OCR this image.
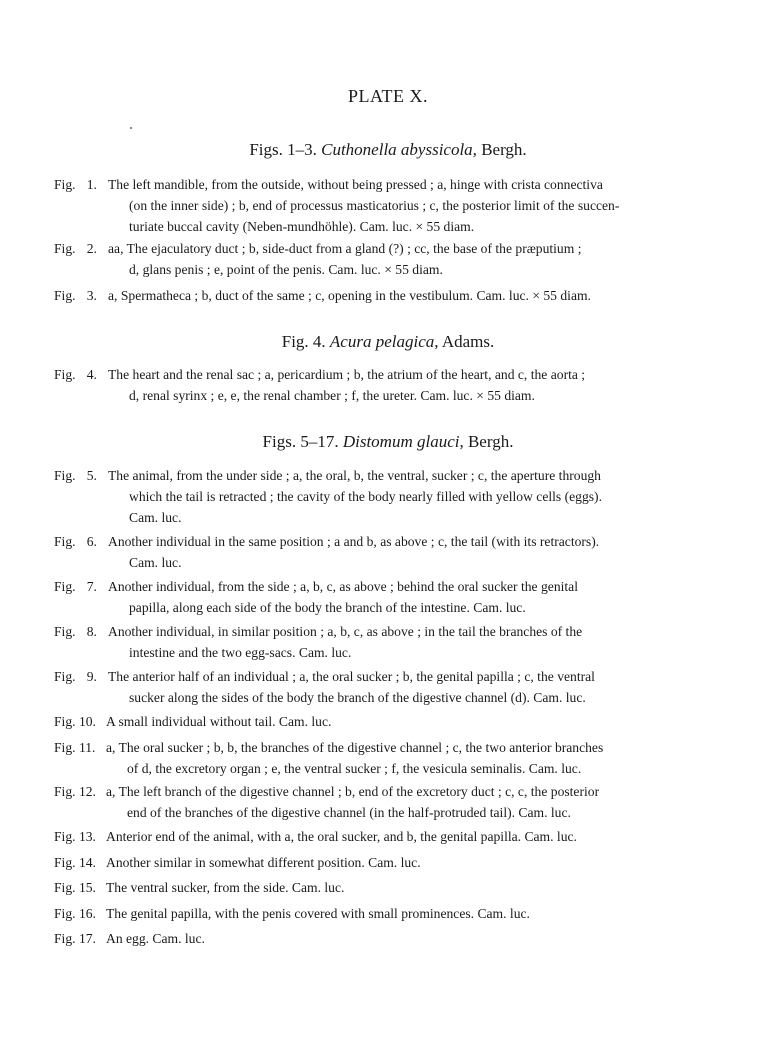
PLATE X.
Figs. 1–3. Cuthonella abyssicola, Bergh.
Fig. 1. The left mandible, from the outside, without being pressed ; a, hinge with crista connectiva
(on the inner side) ; b, end of processus masticatorius ; c, the posterior limit of the succen-
turiate buccal cavity (Neben-mundhöhle). Cam. luc. × 55 diam.
Fig. 2. aa, The ejaculatory duct ; b, side-duct from a gland (?) ; cc, the base of the præputium ;
d, glans penis ; e, point of the penis. Cam. luc. × 55 diam.
Fig. 3. a, Spermatheca ; b, duct of the same ; c, opening in the vestibulum. Cam. luc. × 55 diam.
Fig. 4. Acura pelagica, Adams.
Fig. 4. The heart and the renal sac ; a, pericardium ; b, the atrium of the heart, and c, the aorta ;
d, renal syrinx ; e, e, the renal chamber ; f, the ureter. Cam. luc. × 55 diam.
Figs. 5–17. Distomum glauci, Bergh.
Fig. 5. The animal, from the under side ; a, the oral, b, the ventral, sucker ; c, the aperture through
which the tail is retracted ; the cavity of the body nearly filled with yellow cells (eggs).
Cam. luc.
Fig. 6. Another individual in the same position ; a and b, as above ; c, the tail (with its retractors).
Cam. luc.
Fig. 7. Another individual, from the side ; a, b, c, as above ; behind the oral sucker the genital
papilla, along each side of the body the branch of the intestine. Cam. luc.
Fig. 8. Another individual, in similar position ; a, b, c, as above ; in the tail the branches of the
intestine and the two egg-sacs. Cam. luc.
Fig. 9. The anterior half of an individual ; a, the oral sucker ; b, the genital papilla ; c, the ventral
sucker along the sides of the body the branch of the digestive channel (d). Cam. luc.
Fig. 10. A small individual without tail. Cam. luc.
Fig. 11. a, The oral sucker ; b, b, the branches of the digestive channel ; c, the two anterior branches
of d, the excretory organ ; e, the ventral sucker ; f, the vesicula seminalis. Cam. luc.
Fig. 12. a, The left branch of the digestive channel ; b, end of the excretory duct ; c, c, the posterior
end of the branches of the digestive channel (in the half-protruded tail). Cam. luc.
Fig. 13. Anterior end of the animal, with a, the oral sucker, and b, the genital papilla. Cam. luc.
Fig. 14. Another similar in somewhat different position. Cam. luc.
Fig. 15. The ventral sucker, from the side. Cam. luc.
Fig. 16. The genital papilla, with the penis covered with small prominences. Cam. luc.
Fig. 17. An egg. Cam. luc.
